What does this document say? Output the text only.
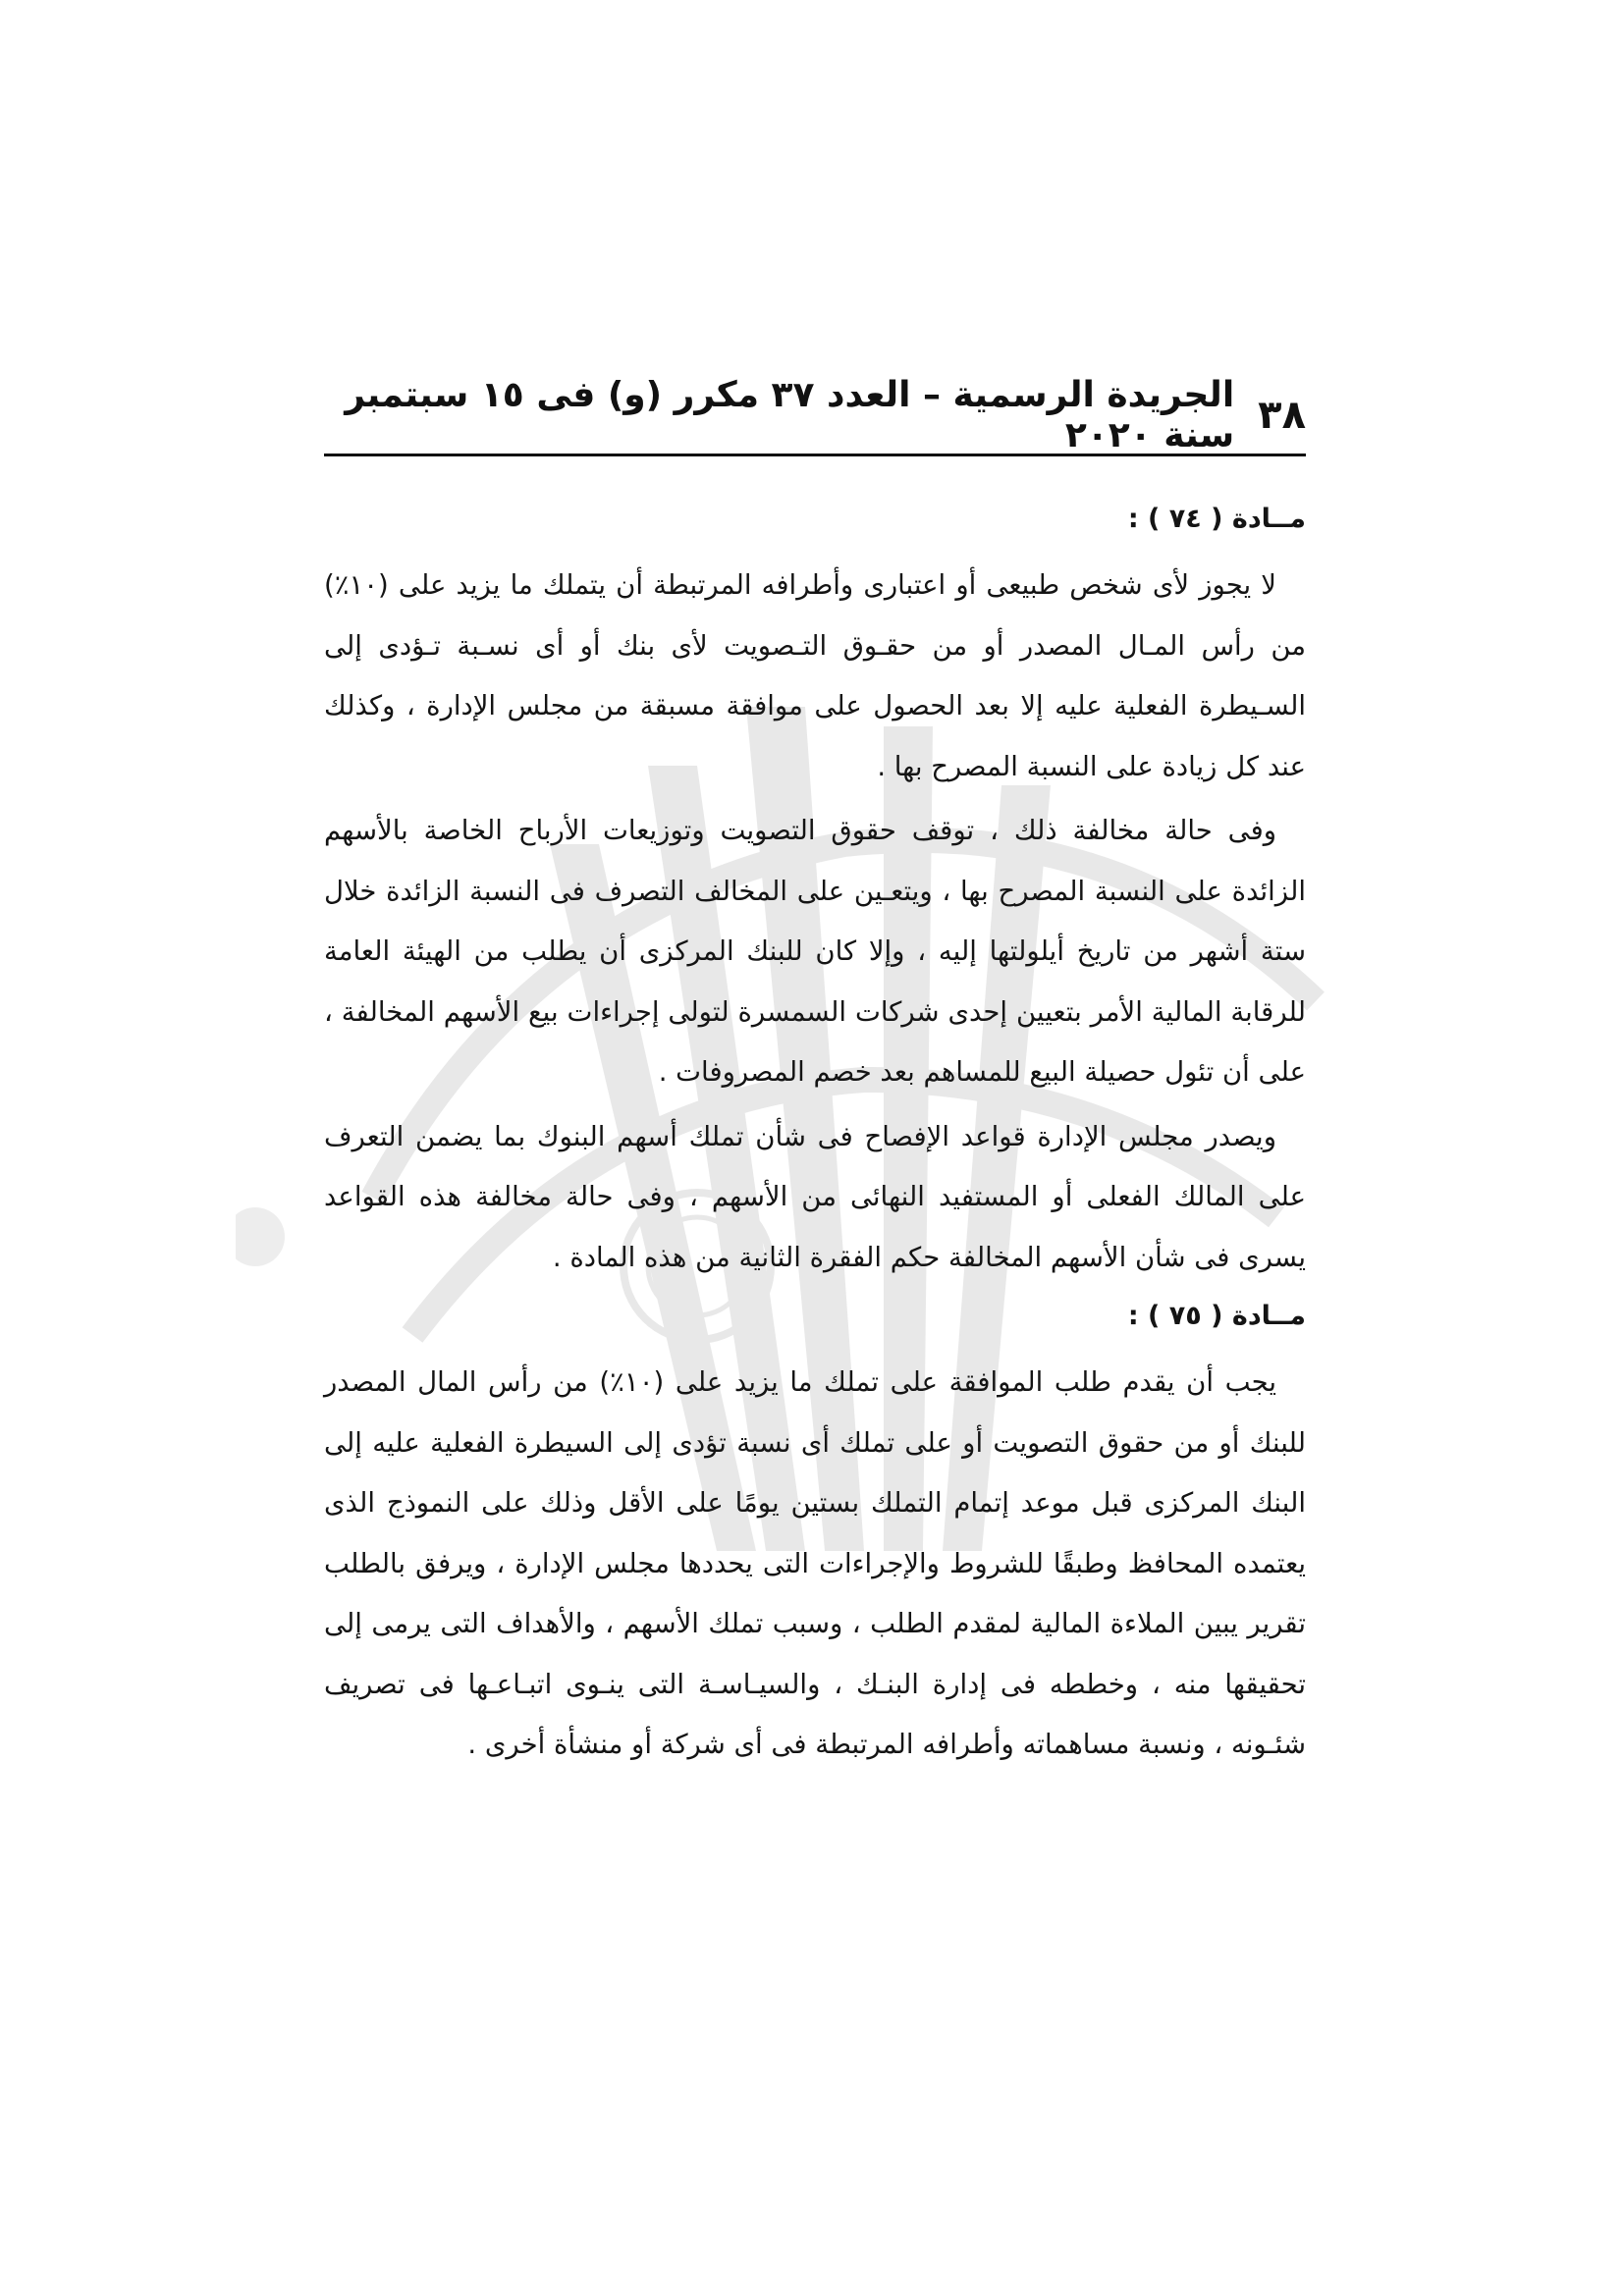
٣٨
الجريدة الرسمية – العدد ٣٧ مكرر (و) فى ١٥ سبتمبر سنة ٢٠٢٠

مــادة ( ٧٤ ) :

لا يجوز لأى شخص طبيعى أو اعتبارى وأطرافه المرتبطة أن يتملك ما يزيد على (١٠٪) من رأس المـال المصدر أو من حقـوق التـصويت لأى بنك أو أى نسـبة تـؤدى إلى السـيطرة الفعلية عليه إلا بعد الحصول على موافقة مسبقة من مجلس الإدارة ، وكذلك عند كل زيادة على النسبة المصرح بها .

وفى حالة مخالفة ذلك ، توقف حقوق التصويت وتوزيعات الأرباح الخاصة بالأسهم الزائدة على النسبة المصرح بها ، ويتعـين على المخالف التصرف فى النسبة الزائدة خلال ستة أشهر من تاريخ أيلولتها إليه ، وإلا كان للبنك المركزى أن يطلب من الهيئة العامة للرقابة المالية الأمر بتعيين إحدى شركات السمسرة لتولى إجراءات بيع الأسهم المخالفة ، على أن تئول حصيلة البيع للمساهم بعد خصم المصروفات .

ويصدر مجلس الإدارة قواعد الإفصاح فى شأن تملك أسهم البنوك بما يضمن التعرف على المالك الفعلى أو المستفيد النهائى من الأسهم ، وفى حالة مخالفة هذه القواعد يسرى فى شأن الأسهم المخالفة حكم الفقرة الثانية من هذه المادة .

مــادة ( ٧٥ ) :

يجب أن يقدم طلب الموافقة على تملك ما يزيد على (١٠٪) من رأس المال المصدر للبنك أو من حقوق التصويت أو على تملك أى نسبة تؤدى إلى السيطرة الفعلية عليه إلى البنك المركزى قبل موعد إتمام التملك بستين يومًا على الأقل وذلك على النموذج الذى يعتمده المحافظ وطبقًا للشروط والإجراءات التى يحددها مجلس الإدارة ، ويرفق بالطلب تقرير يبين الملاءة المالية لمقدم الطلب ، وسبب تملك الأسهم ، والأهداف التى يرمى إلى تحقيقها منه ، وخططه فى إدارة البنـك ، والسيـاسـة التى ينـوى اتبـاعـها فى تصريف شئـونه ، ونسبة مساهماته وأطرافه المرتبطة فى أى شركة أو منشأة أخرى .
